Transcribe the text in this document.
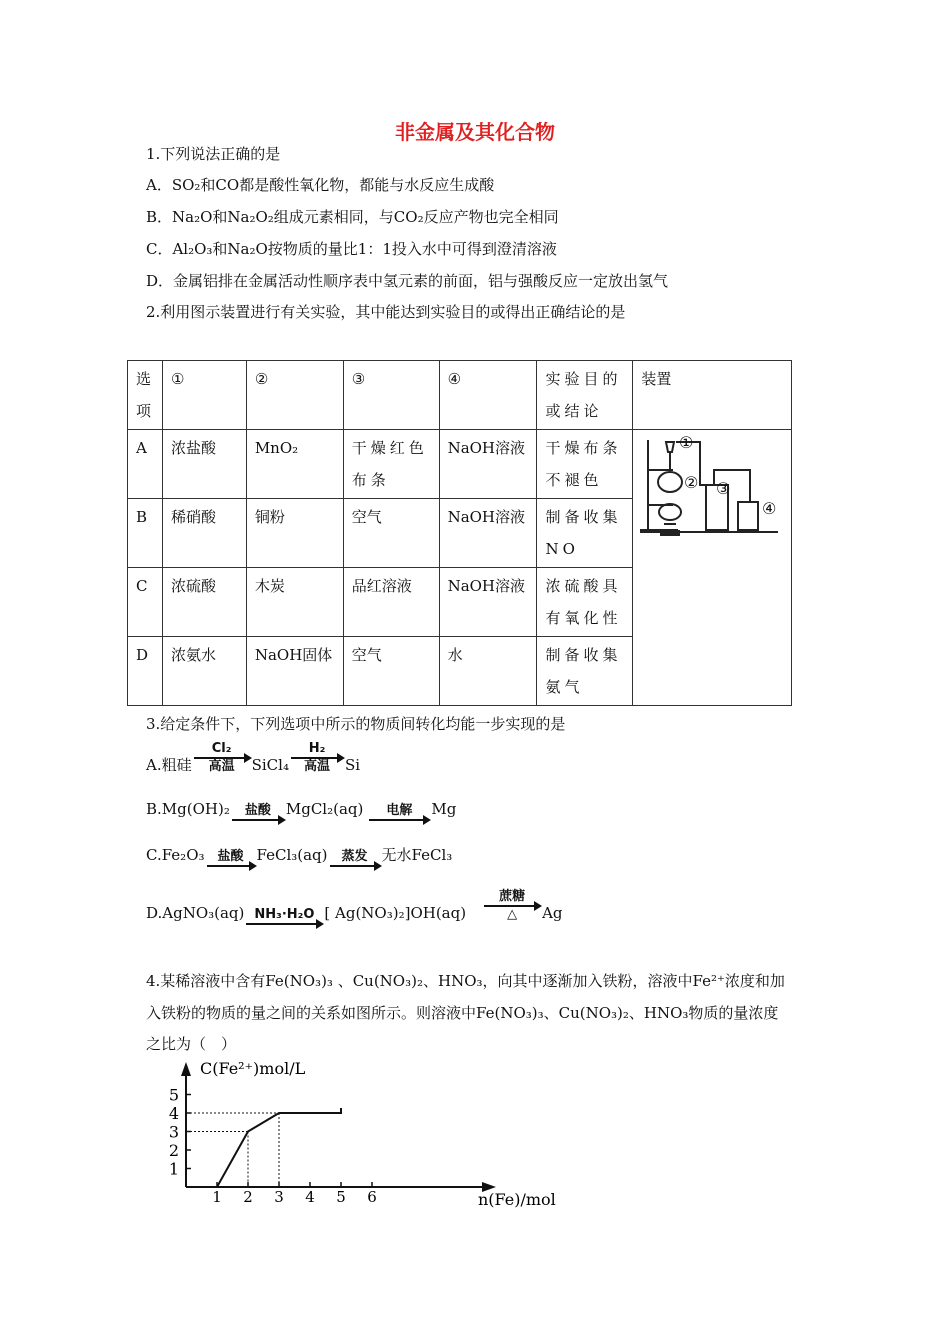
非金属及其化合物
1.下列说法正确的是
A．SO₂和CO都是酸性氧化物，都能与水反应生成酸
B．Na₂O和Na₂O₂组成元素相同，与CO₂反应产物也完全相同
C．Al₂O₃和Na₂O按物质的量比1：1投入水中可得到澄清溶液
D．金属铝排在金属活动性顺序表中氢元素的前面，铝与强酸反应一定放出氢气
2.利用图示装置进行有关实验，其中能达到实验目的或得出正确结论的是
选项	①	②	③	④	实验目的或结论	装置
A	浓盐酸	MnO₂	干燥红色布条	NaOH溶液	干燥布条不褪色	①
② ③
④

B	稀硝酸	铜粉	空气	NaOH溶液	制备收集NO	
C	浓硫酸	木炭	品红溶液	NaOH溶液	浓硫酸具有氧化性	
D	浓氨水	NaOH固体	空气	水	制备收集氨气	
3.给定条件下，下列选项中所示的物质间转化均能一步实现的是
A.粗硅
Cl₂
高温	SiCl₄
H₂
高温	Si
B.Mg(OH)₂	盐酸	MgCl₂(aq)	电解	Mg
C.Fe₂O₃ 盐酸 FeCl₃(aq)	蒸发 无水FeCl₃
D.AgNO₃(aq) NH₃·H₂O [ Ag(NO₃)₂]OH(aq)
蔗糖
△	Ag
4.某稀溶液中含有Fe(NO₃)₃ 、Cu(NO₃)₂、HNO₃，向其中逐渐加入铁粉，溶液中Fe²⁺浓度和加
入铁粉的物质的量之间的关系如图所示。则溶液中Fe(NO₃)₃、Cu(NO₃)₂、HNO₃物质的量浓度
之比为（　）
1
2
3
4
5
1 2 3 4 5 6
C(Fe²⁺)mol/L
n(Fe)/mol
